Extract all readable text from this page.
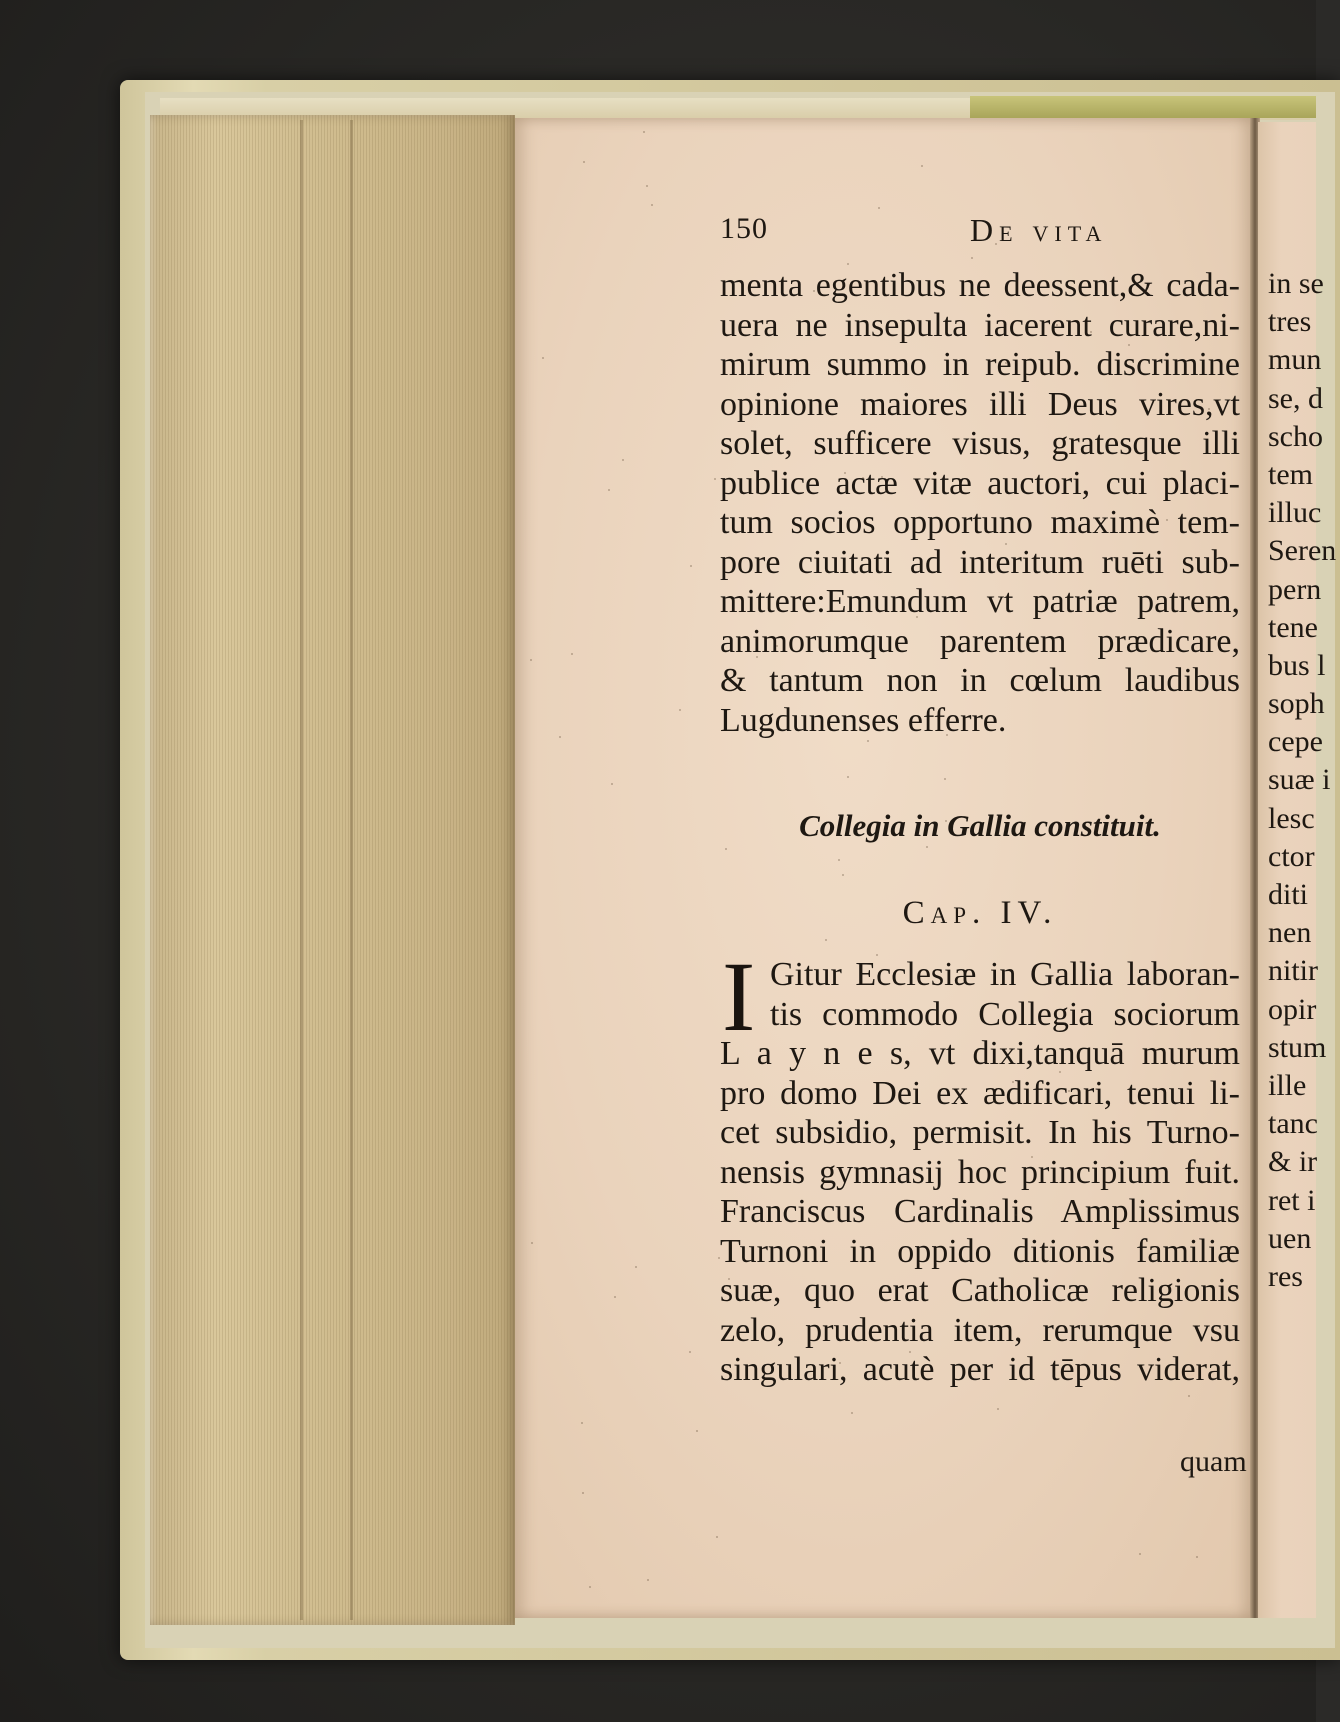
150	De vita
menta egentibus ne deessent,& cada-
uera ne insepulta iacerent curare,ni-
mirum summo in reipub. discrimine
opinione maiores illi Deus vires,vt
solet, sufficere visus, gratesque illi
publice actæ vitæ auctori, cui placi-
tum socios opportuno maximè tem-
pore ciuitati ad interitum ruēti sub-
mittere:Emundum vt patriæ patrem,
animorumque parentem prædicare,
& tantum non in cœlum laudibus
Lugdunenses efferre.
Collegia in Gallia constituit.
Cap. IV.
I Gitur Ecclesiæ in Gallia laboran-
tis commodo Collegia sociorum
L a y n e s, vt dixi,tanquā murum
pro domo Dei ex ædificari, tenui li-
cet subsidio, permisit. In his Turno-
nensis gymnasij hoc principium fuit.
Franciscus Cardinalis Amplissimus
Turnoni in oppido ditionis familiæ
suæ, quo erat Catholicæ religionis
zelo, prudentia item, rerumque vsu
singulari, acutè per id tēpus viderat,
quam
in se
tres
mun
se, d
scho
tem
illuc
Seren
pern
tene
bus l
soph
cepe
suæ i
lesc
ctor
diti
nen
nitir
opir
stum
ille
tanc
& ir
ret i
uen
res
